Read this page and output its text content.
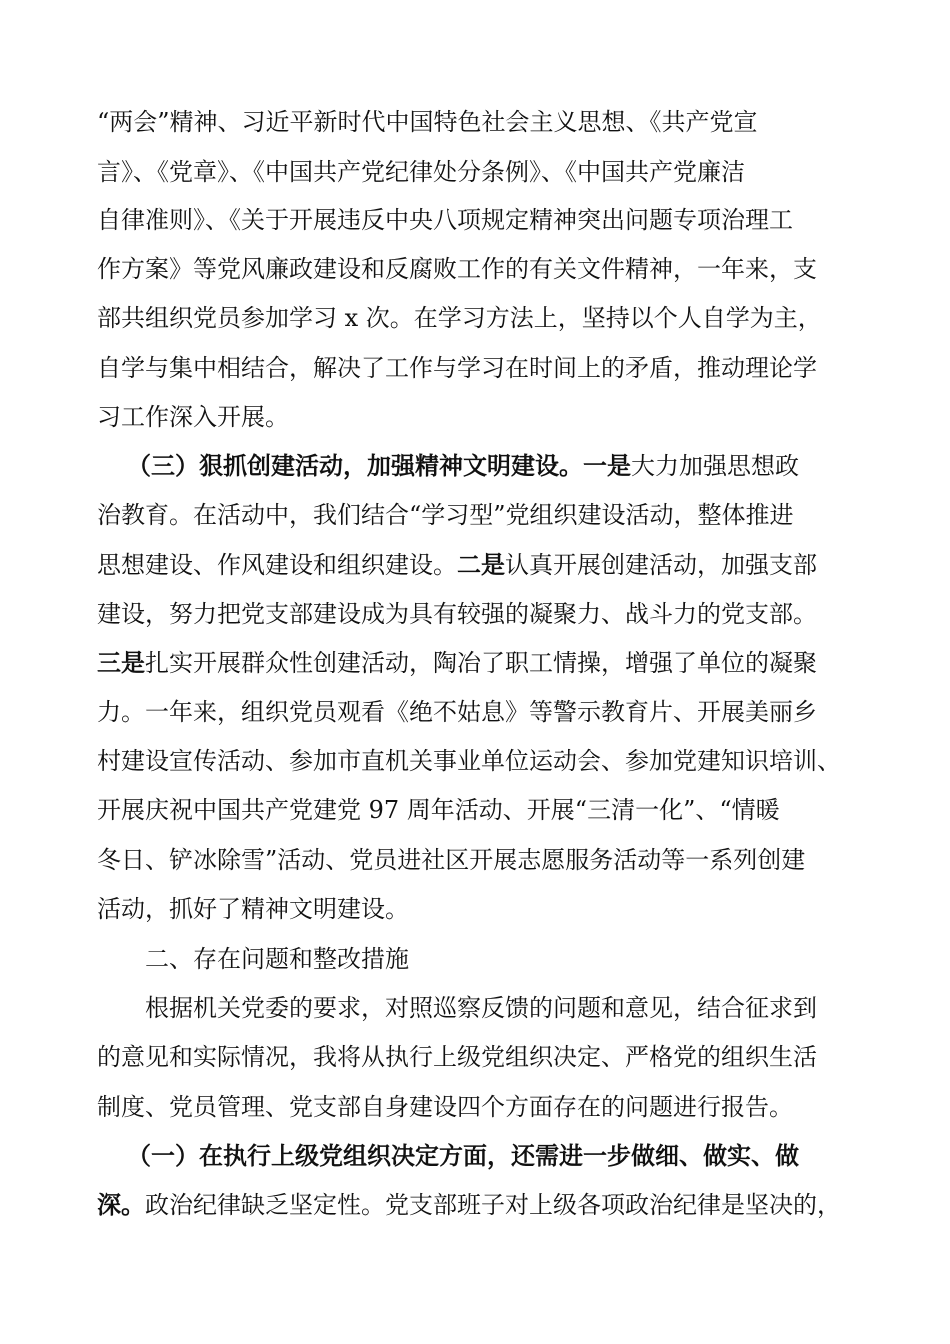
“两会”精神、习近平新时代中国特色社会主义思想、《共产党宣
言》、《党章》、《中国共产党纪律处分条例》、《中国共产党廉洁
自律准则》、《关于开展违反中央八项规定精神突出问题专项治理工
作方案》等党风廉政建设和反腐败工作的有关文件精神，一年来，支
部共组织党员参加学习 x 次。在学习方法上，坚持以个人自学为主，
自学与集中相结合，解决了工作与学习在时间上的矛盾，推动理论学
习工作深入开展。
（三）狠抓创建活动，加强精神文明建设。一是大力加强思想政
治教育。在活动中，我们结合“学习型”党组织建设活动，整体推进
思想建设、作风建设和组织建设。二是认真开展创建活动，加强支部
建设，努力把党支部建设成为具有较强的凝聚力、战斗力的党支部。
三是扎实开展群众性创建活动，陶冶了职工情操，增强了单位的凝聚
力。一年来，组织党员观看《绝不姑息》等警示教育片、开展美丽乡
村建设宣传活动、参加市直机关事业单位运动会、参加党建知识培训、
开展庆祝中国共产党建党 97 周年活动、开展“三清一化”、“情暖
冬日、铲冰除雪”活动、党员进社区开展志愿服务活动等一系列创建
活动，抓好了精神文明建设。
二、存在问题和整改措施
根据机关党委的要求，对照巡察反馈的问题和意见，结合征求到
的意见和实际情况，我将从执行上级党组织决定、严格党的组织生活
制度、党员管理、党支部自身建设四个方面存在的问题进行报告。
（一）在执行上级党组织决定方面，还需进一步做细、做实、做
深。政治纪律缺乏坚定性。党支部班子对上级各项政治纪律是坚决的，
